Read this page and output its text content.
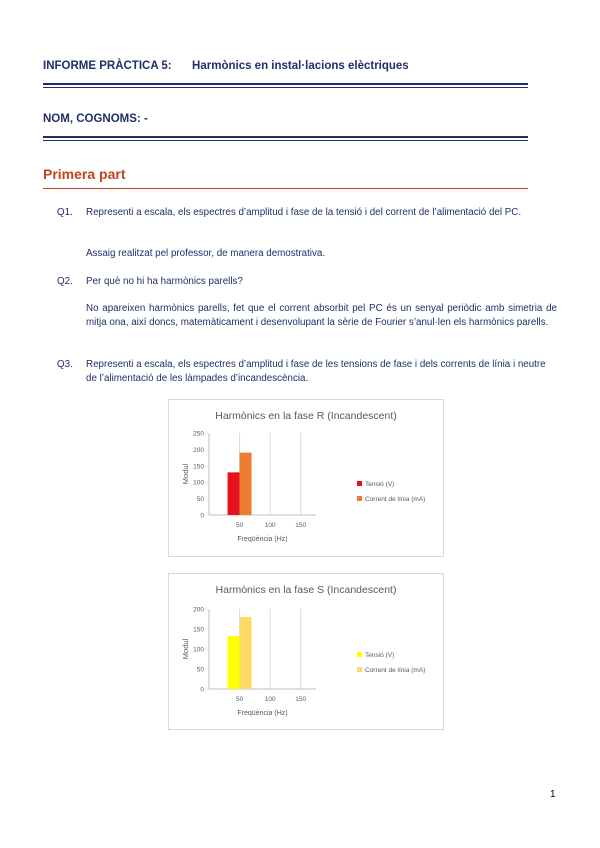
INFORME PRÀCTICA 5: Harmònics en instal·lacions elèctriques
NOM, COGNOMS: -
Primera part
Q1. Representi a escala, els espectres d’amplitud i fase de la tensió i del corrent de l’alimentació del PC.
Assaig realitzat pel professor, de manera demostrativa.
Q2. Per què no hi ha harmònics parells?
No apareixen harmònics parells, fet que el corrent absorbit pel PC és un senyal periòdic amb simetria de mitja ona, així doncs, matemàticament i desenvolupant la sèrie de Fourier s’anul·len els harmònics parells.
Q3. Representi a escala, els espectres d’amplitud i fase de les tensions de fase i dels corrents de línia i neutre de l’alimentació de les làmpades d’incandescència.
Harmònics en la fase R (Incandescent)
0
50
100
150
200
250
50	100	150
Freqüència (Hz)
Modul
Tensió (V)
Corrent de línia (mA)
Harmònics en la fase S (Incandescent)
0
50
100
150
200
50	100	150
Freqüència (Hz)
Modul	Tensió (V)
Corrent de línia (mA)
1
